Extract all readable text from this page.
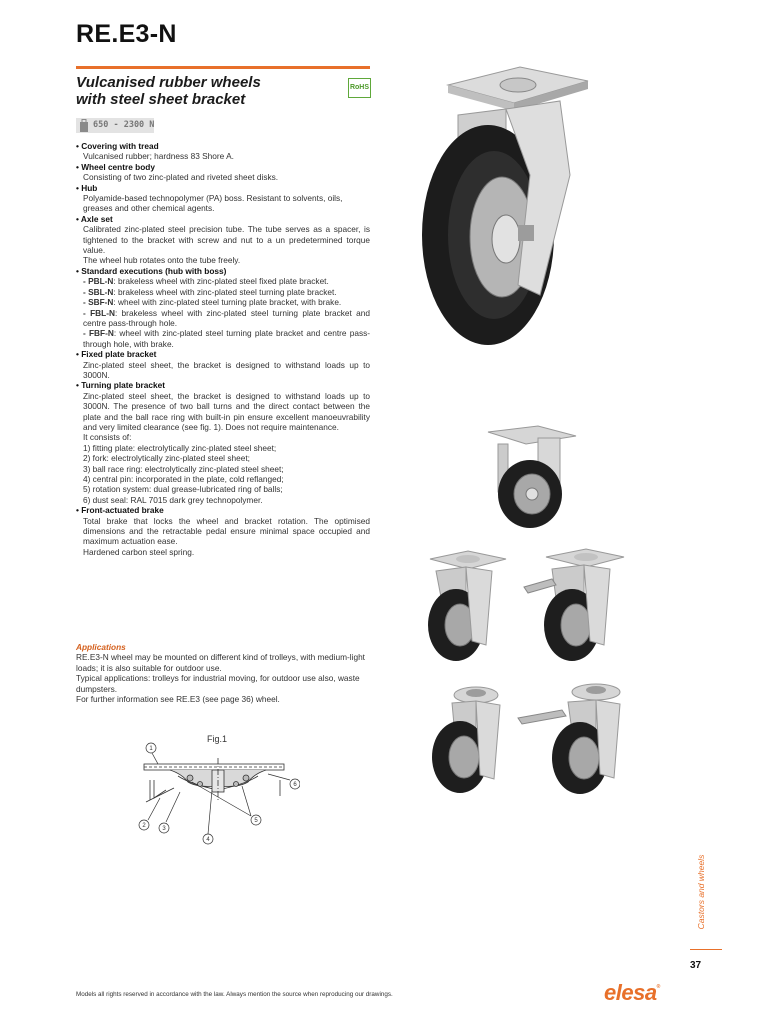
RE.E3-N
Vulcanised rubber wheels
with steel sheet bracket
RoHS
650 - 2300 N
• Covering with tread
Vulcanised rubber; hardness 83 Shore A.
• Wheel centre body
Consisting of two zinc-plated and riveted sheet disks.
• Hub
Polyamide-based technopolymer (PA) boss. Resistant to solvents, oils, greases and other chemical agents.
• Axle set
Calibrated zinc-plated steel precision tube. The tube serves as a spacer, is tightened to the bracket with screw and nut to a un predetermined torque value.
The wheel hub rotates onto the tube freely.
• Standard executions (hub with boss)
- PBL-N: brakeless wheel with zinc-plated steel fixed plate bracket.
- SBL-N: brakeless wheel with zinc-plated steel turning plate bracket.
- SBF-N: wheel with zinc-plated steel turning plate bracket, with brake.
- FBL-N: brakeless wheel with zinc-plated steel turning plate bracket and centre pass-through hole.
- FBF-N: wheel with zinc-plated steel turning plate bracket and centre pass-through hole, with brake.
• Fixed plate bracket
Zinc-plated steel sheet, the bracket is designed to withstand loads up to 3000N.
• Turning plate bracket
Zinc-plated steel sheet, the bracket is designed to withstand loads up to 3000N. The presence of two ball turns and the direct contact between the plate and the ball race ring with built-in pin ensure excellent manoeuvrability and very limited clearance (see fig. 1). Does not require maintenance.
It consists of:
1) fitting plate: electrolytically zinc-plated steel sheet;
2) fork: electrolytically zinc-plated steel sheet;
3) ball race ring: electrolytically zinc-plated steel sheet;
4) central pin: incorporated in the plate, cold reflanged;
5) rotation system: dual grease-lubricated ring of balls;
6) dust seal: RAL 7015 dark grey technopolymer.
• Front-actuated brake
Total brake that locks the wheel and bracket rotation. The optimised dimensions and the retractable pedal ensure minimal space occupied and maximum actuation ease.
Hardened carbon steel spring.
Applications
RE.E3-N wheel may be mounted on different kind of trolleys, with medium-light loads; it is also suitable for outdoor use.
Typical applications: trolleys for industrial moving, for outdoor use also, waste dumpsters.
For further information see RE.E3 (see page 36) wheel.
Fig.1
1
2	3
4
5
6
Castors and wheels
37
Models all rights reserved in accordance with the law. Always mention the source when reproducing our drawings.	elesa®
